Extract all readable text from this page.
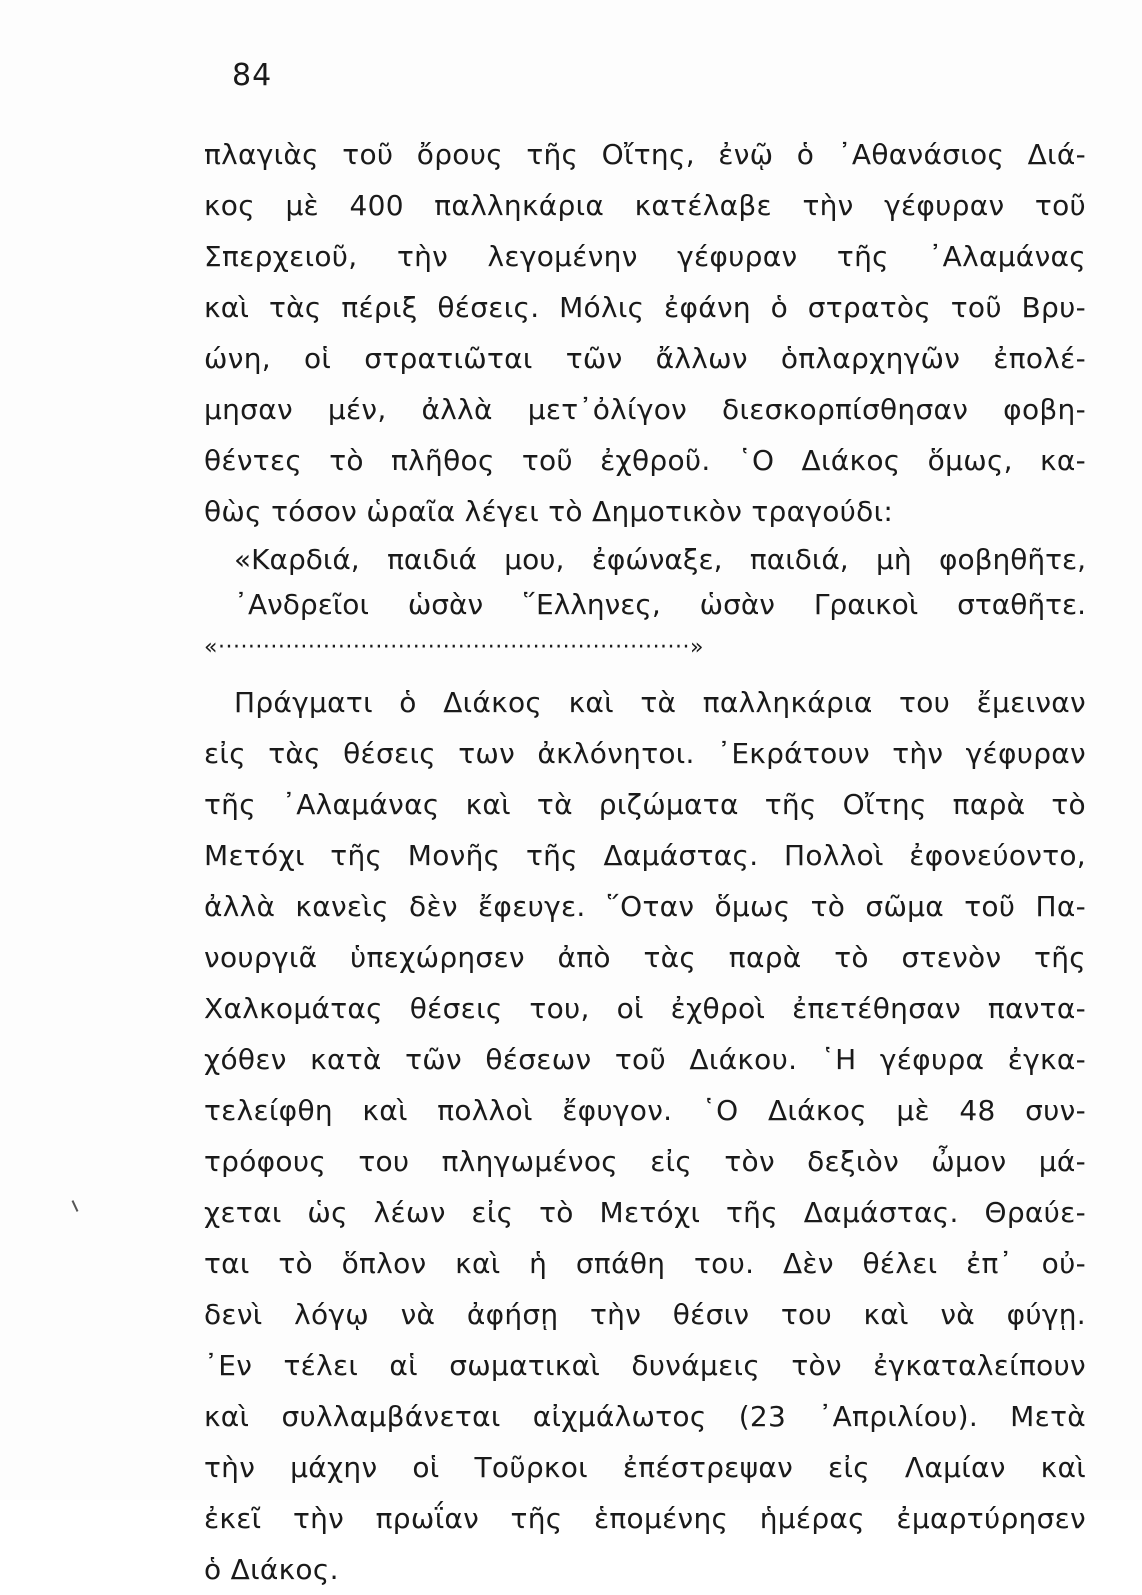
84
πλαγιὰς τοῦ ὄρους τῆς Οἴτης, ἐνῷ ὁ ᾿Αθανάσιος Διά-
κος μὲ 400 παλληκάρια κατέλαβε τὴν γέφυραν τοῦ
Σπερχειοῦ, τὴν λεγομένην γέφυραν τῆς ᾿Αλαμάνας
καὶ τὰς πέριξ θέσεις. Μόλις ἐφάνη ὁ στρατὸς τοῦ Βρυ-
ώνη, οἱ στρατιῶται τῶν ἄλλων ὁπλαρχηγῶν ἐπολέ-
μησαν μέν, ἀλλὰ μετ᾿ὀλίγον διεσκορπίσθησαν φοβη-
θέντες τὸ πλῆθος τοῦ ἐχθροῦ. ῾Ο Διάκος ὅμως, κα-
θὼς τόσον ὡραῖα λέγει τὸ Δημοτικὸν τραγούδι:
«Καρδιά, παιδιά μου, ἐφώναξε, παιδιά, μὴ φοβηθῆτε,
᾿Ανδρεῖοι ὡσὰν ῞Ελληνες, ὡσὰν Γραικοὶ σταθῆτε.
«·······························································»
Πράγματι ὁ Διάκος καὶ τὰ παλληκάρια του ἔμειναν
εἰς τὰς θέσεις των ἀκλόνητοι. ᾿Εκράτουν τὴν γέφυραν
τῆς ᾿Αλαμάνας καὶ τὰ ριζώματα τῆς Οἴτης παρὰ τὸ
Μετόχι τῆς Μονῆς τῆς Δαμάστας. Πολλοὶ ἐφονεύοντο,
ἀλλὰ κανεὶς δὲν ἔφευγε. ῞Οταν ὅμως τὸ σῶμα τοῦ Πα-
νουργιᾶ ὑπεχώρησεν ἀπὸ τὰς παρὰ τὸ στενὸν τῆς
Χαλκομάτας θέσεις του, οἱ ἐχθροὶ ἐπετέθησαν παντα-
χόθεν κατὰ τῶν θέσεων τοῦ Διάκου. ῾Η γέφυρα ἐγκα-
τελείφθη καὶ πολλοὶ ἔφυγον. ῾Ο Διάκος μὲ 48 συν-
τρόφους του πληγωμένος εἰς τὸν δεξιὸν ὦμον μά-
χεται ὡς λέων εἰς τὸ Μετόχι τῆς Δαμάστας. Θραύε-
ται τὸ ὅπλον καὶ ἡ σπάθη του. Δὲν θέλει ἐπ᾿ οὐ-
δενὶ λόγῳ νὰ ἀφήσῃ τὴν θέσιν του καὶ νὰ φύγῃ.
᾿Εν τέλει αἱ σωματικαὶ δυνάμεις τὸν ἐγκαταλείπουν
καὶ συλλαμβάνεται αἰχμάλωτος (23 ᾿Απριλίου). Μετὰ
τὴν μάχην οἱ Τοῦρκοι ἐπέστρεψαν εἰς Λαμίαν καὶ
ἐκεῖ τὴν πρωΐαν τῆς ἑπομένης ἡμέρας ἐμαρτύρησεν
ὁ Διάκος.
